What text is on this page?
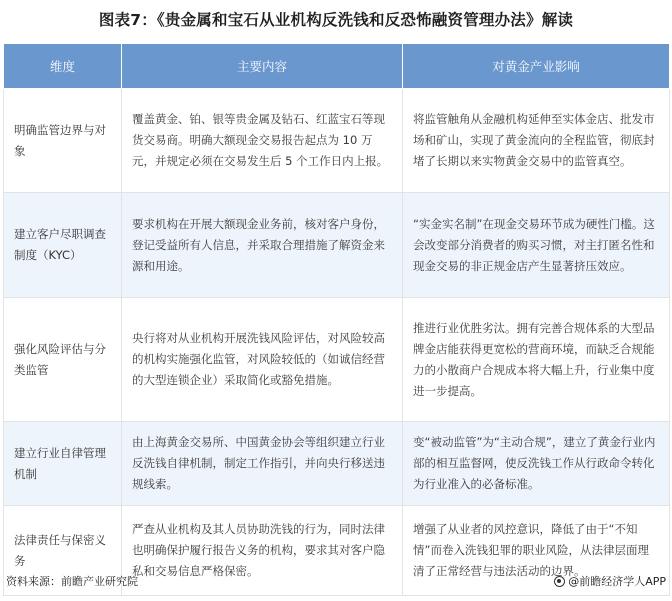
图表7：《贵金属和宝石从业机构反洗钱和反恐怖融资管理办法》解读
维度	主要内容	对黄金产业影响
明确监管边界与对象	覆盖黄金、铂、银等贵金属及钻石、红蓝宝石等现货交易商。明确大额现金交易报告起点为 10 万元，并规定必须在交易发生后 5 个工作日内上报。	将监管触角从金融机构延伸至实体金店、批发市场和矿山，实现了黄金流向的全程监管，彻底封堵了长期以来实物黄金交易中的监管真空。
建立客户尽职调查制度（KYC）	要求机构在开展大额现金业务前，核对客户身份，登记受益所有人信息，并采取合理措施了解资金来源和用途。	“实金实名制”在现金交易环节成为硬性门槛。这会改变部分消费者的购买习惯，对主打匿名性和现金交易的非正规金店产生显著挤压效应。
强化风险评估与分类监管	央行将对从业机构开展洗钱风险评估，对风险较高的机构实施强化监管，对风险较低的（如诚信经营的大型连锁企业）采取简化或豁免措施。	推进行业优胜劣汰。拥有完善合规体系的大型品牌金店能获得更宽松的营商环境，而缺乏合规能力的小散商户合规成本将大幅上升，行业集中度进一步提高。
建立行业自律管理机制	由上海黄金交易所、中国黄金协会等组织建立行业反洗钱自律机制，制定工作指引，并向央行移送违规线索。	变“被动监管”为“主动合规”，建立了黄金行业内部的相互监督网，使反洗钱工作从行政命令转化为行业准入的必备标准。
法律责任与保密义务	严查从业机构及其人员协助洗钱的行为，同时法律也明确保护履行报告义务的机构，要求其对客户隐私和交易信息严格保密。	增强了从业者的风控意识，降低了由于“不知情”而卷入洗钱犯罪的职业风险，从法律层面理清了正常经营与违法活动的边界。
资料来源：前瞻产业研究院	@前瞻经济学人APP
